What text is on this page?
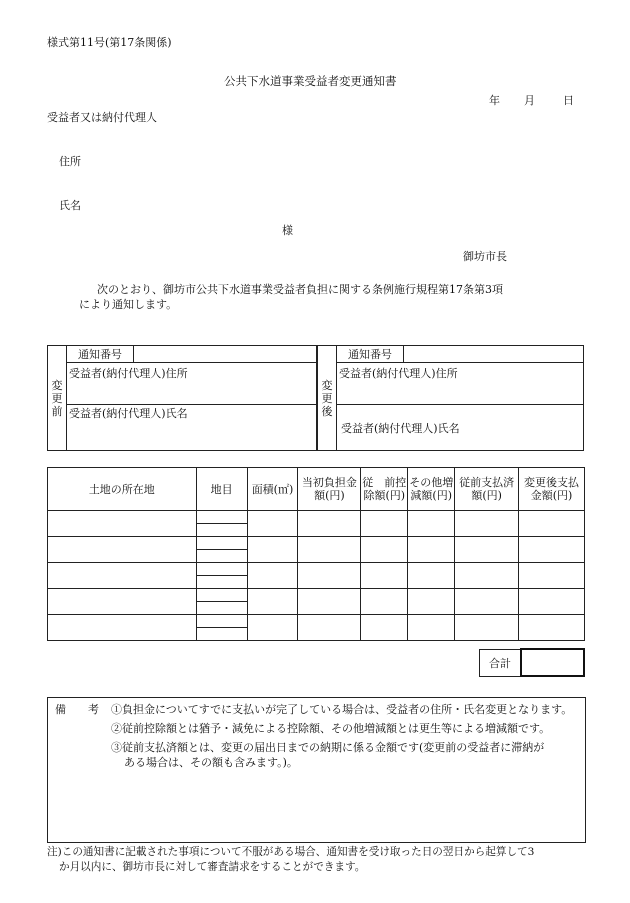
様式第11号(第17条関係)
公共下水道事業受益者変更通知書
年 月	日
受益者又は納付代理人
住所
氏名
様
御坊市長
次のとおり、御坊市公共下水道事業受益者負担に関する条例施行規程第17条第3項
により通知します。
変
更
前
	通知番号	
受益者(納付代理人)住所
受益者(納付代理人)氏名
変
更
後
	通知番号	
受益者(納付代理人)住所
受益者(納付代理人)氏名
土地の所在地	地目	面積(㎡)	当初負担金額(円)	従　前控除額(円)	その他増減額(円)	従前支払済額(円)	変更後支払金額(円)

合計	
備　　考 ①負担金についてすでに支払いが完了している場合は、受益者の住所・氏名変更となります。
②従前控除額とは猶予・減免による控除額、その他増減額とは更生等による増減額です。
③従前支払済額とは、変更の届出日までの納期に係る金額です(変更前の受益者に滞納が
ある場合は、その額も含みます。)。
注)この通知書に記載された事項について不服がある場合、通知書を受け取った日の翌日から起算して3
か月以内に、御坊市長に対して審査請求をすることができます。
